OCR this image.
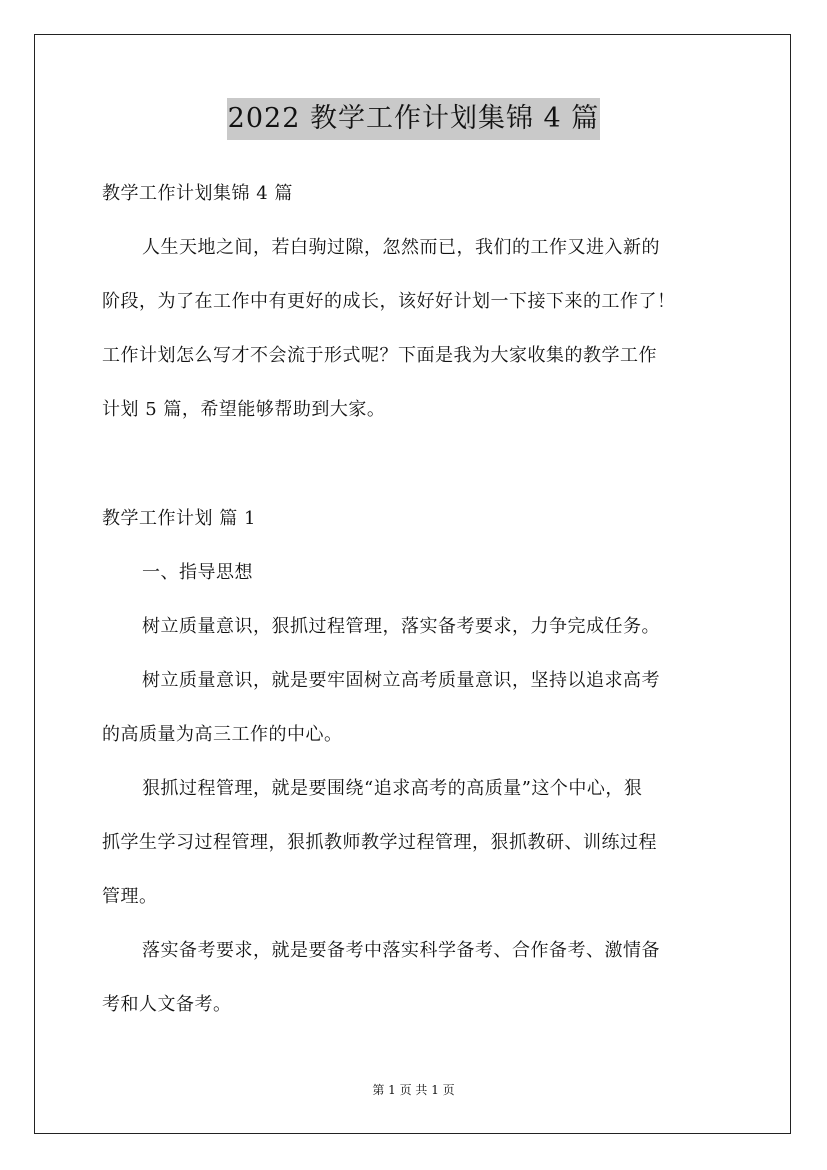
2022 教学工作计划集锦 4 篇
教学工作计划集锦 4 篇
人生天地之间，若白驹过隙，忽然而已，我们的工作又进入新的
阶段，为了在工作中有更好的成长，该好好计划一下接下来的工作了！
工作计划怎么写才不会流于形式呢？下面是我为大家收集的教学工作
计划 5 篇，希望能够帮助到大家。
教学工作计划 篇 1
一、指导思想
树立质量意识，狠抓过程管理，落实备考要求，力争完成任务。
树立质量意识，就是要牢固树立高考质量意识，坚持以追求高考
的高质量为高三工作的中心。
狠抓过程管理，就是要围绕“追求高考的高质量”这个中心，狠
抓学生学习过程管理，狠抓教师教学过程管理，狠抓教研、训练过程
管理。
落实备考要求，就是要备考中落实科学备考、合作备考、激情备
考和人文备考。
第 1 页 共 1 页
